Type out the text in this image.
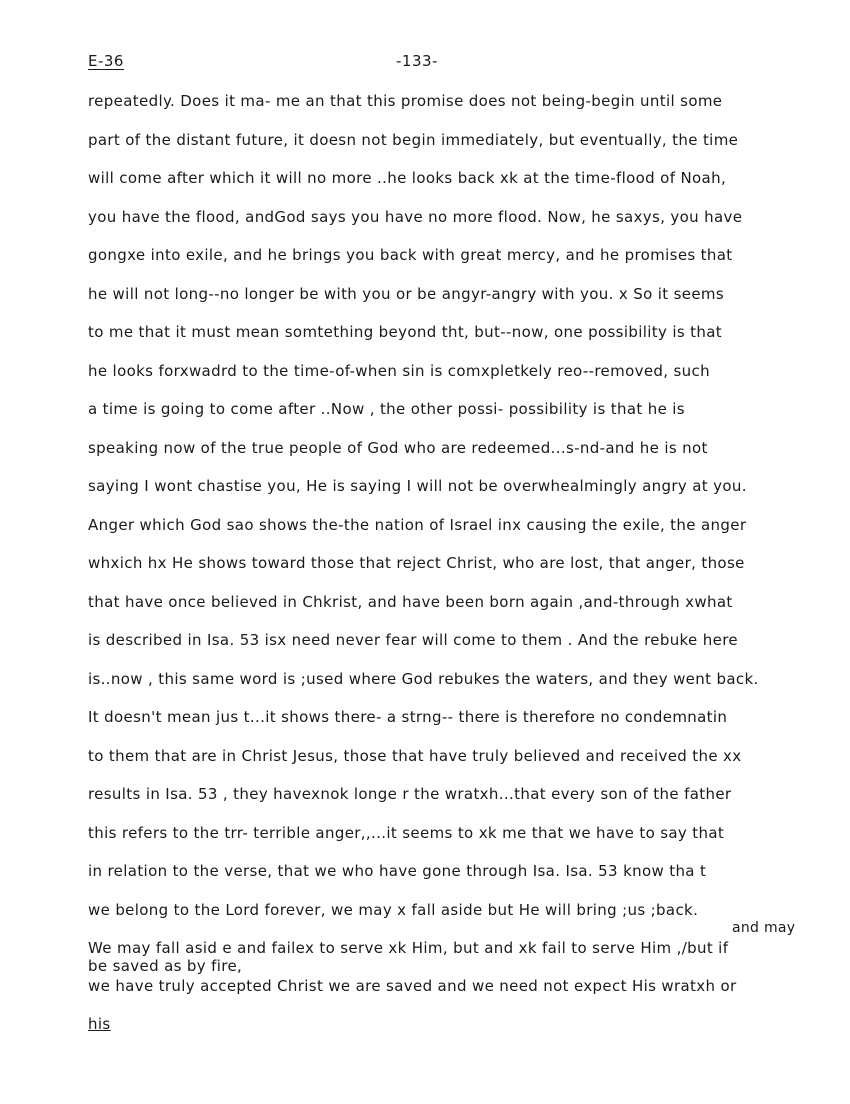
E-36	-133-
repeatedly. Does it ma- me an that this promise does not being-begin until some
part of the distant future, it doesn not begin immediately, but eventually, the time
will come after which it will no more ..he looks back xk at the time-flood of Noah,
you have the flood, andGod says you have no more flood. Now, he saxys, you have
gongxe into exile, and he brings you back with great mercy, and he promises that
he will not long--no longer be with you or be angyr-angry with you. x So it seems
to me that it must mean somtething beyond tht, but--now, one possibility is that
he looks forxwadrd to the time-of-when sin is comxpletkely reo--removed, such
a time is going to come after ..Now , the other possi- possibility is that he is
speaking now of the true people of God who are redeemed...s-nd-and he is not
saying I wont chastise you, He is saying I will not be overwhealmingly angry at you.
Anger which God sao shows the-the nation of Israel inx causing the exile, the anger
whxich hx He shows toward those that reject Christ, who are lost, that anger, those
that have once believed in Chkrist, and have been born again ,and-through xwhat
is described in Isa. 53 isx need never fear will come to them . And the rebuke here
is..now , this same word is ;used where God rebukes the waters, and they went back.
It doesn't mean jus t...it shows there- a strng-- there is therefore no condemnatin
to them that are in Christ Jesus, those that have truly believed and received the xx
results in Isa. 53 , they havexnok longe r the wratxh...that every son of the father
this refers to the trr- terrible anger,,...it seems to xk me that we have to say that
in relation to the verse, that we who have gone through Isa. Isa. 53 know tha t
we belong to the Lord forever, we may x fall aside but He will bring ;us ;back.
and may
We may fall asid e and failex to serve xk Him, but and xk fail to serve Him ,/but if
be saved as by fire,
we have truly accepted Christ we are saved and we need not expect His wratxh or
his
